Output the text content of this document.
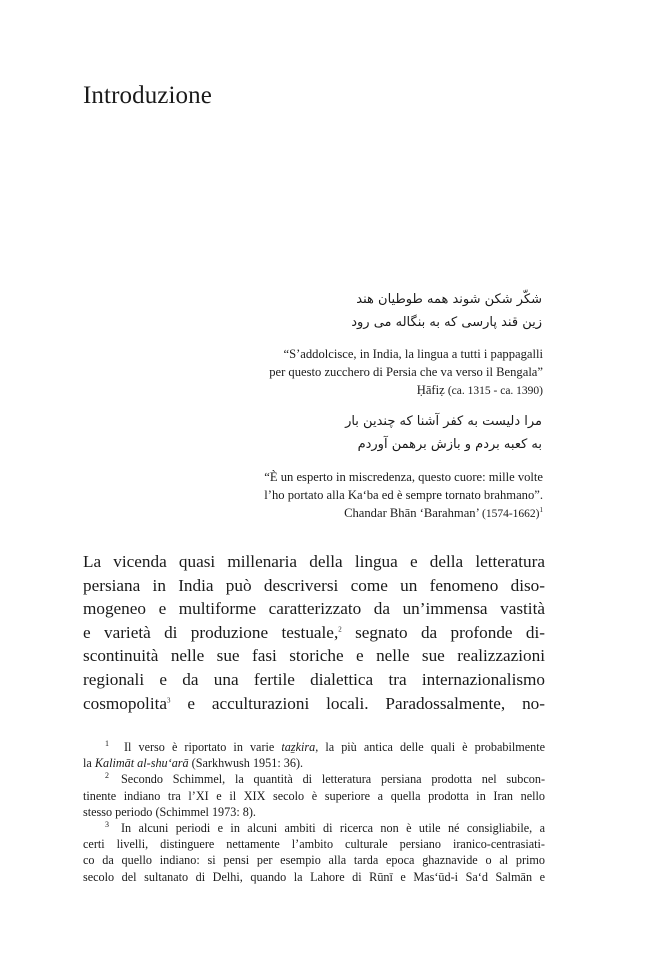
Introduzione
شکّر شکن شوند همه طوطیان هند
زین قند پارسی که به بنگاله می رود
“S’addolcisce, in India, la lingua a tutti i pappagalli
per questo zucchero di Persia che va verso il Bengala”
Ḥāfiẓ (ca. 1315 - ca. 1390)
مرا دلیست به کفر آشنا که چندین بار
به کعبه بردم و بازش برهمن آوردم
“È un esperto in miscredenza, questo cuore: mille volte
l’ho portato alla Ka‘ba ed è sempre tornato brahmano”.
Chandar Bhān ‘Barahman’ (1574-1662)$^1$
La vicenda quasi millenaria della lingua e della letteratura
persiana in India può descriversi come un fenomeno diso-
mogeneo e multiforme caratterizzato da un’immensa vastità
e varietà di produzione testuale,$^2$ segnato da profonde di-
scontinuità nelle sue fasi storiche e nelle sue realizzazioni
regionali e da una fertile dialettica tra internazionalismo
cosmopolita$^3$ e acculturazioni locali. Paradossalmente, no-
1 Il verso è riportato in varie taẕkira, la più antica delle quali è probabilmente
la Kalimāt al-shu‘arā (Sarkhwush 1951: 36).
2 Secondo Schimmel, la quantità di letteratura persiana prodotta nel subcon-
tinente indiano tra l’XI e il XIX secolo è superiore a quella prodotta in Iran nello
stesso periodo (Schimmel 1973: 8).
3 In alcuni periodi e in alcuni ambiti di ricerca non è utile né consigliabile, a
certi livelli, distinguere nettamente l’ambito culturale persiano iranico-centrasiati-
co da quello indiano: si pensi per esempio alla tarda epoca ghaznavide o al primo
secolo del sultanato di Delhi, quando la Lahore di Rūnī e Mas‘ūd-i Sa‘d Salmān e
